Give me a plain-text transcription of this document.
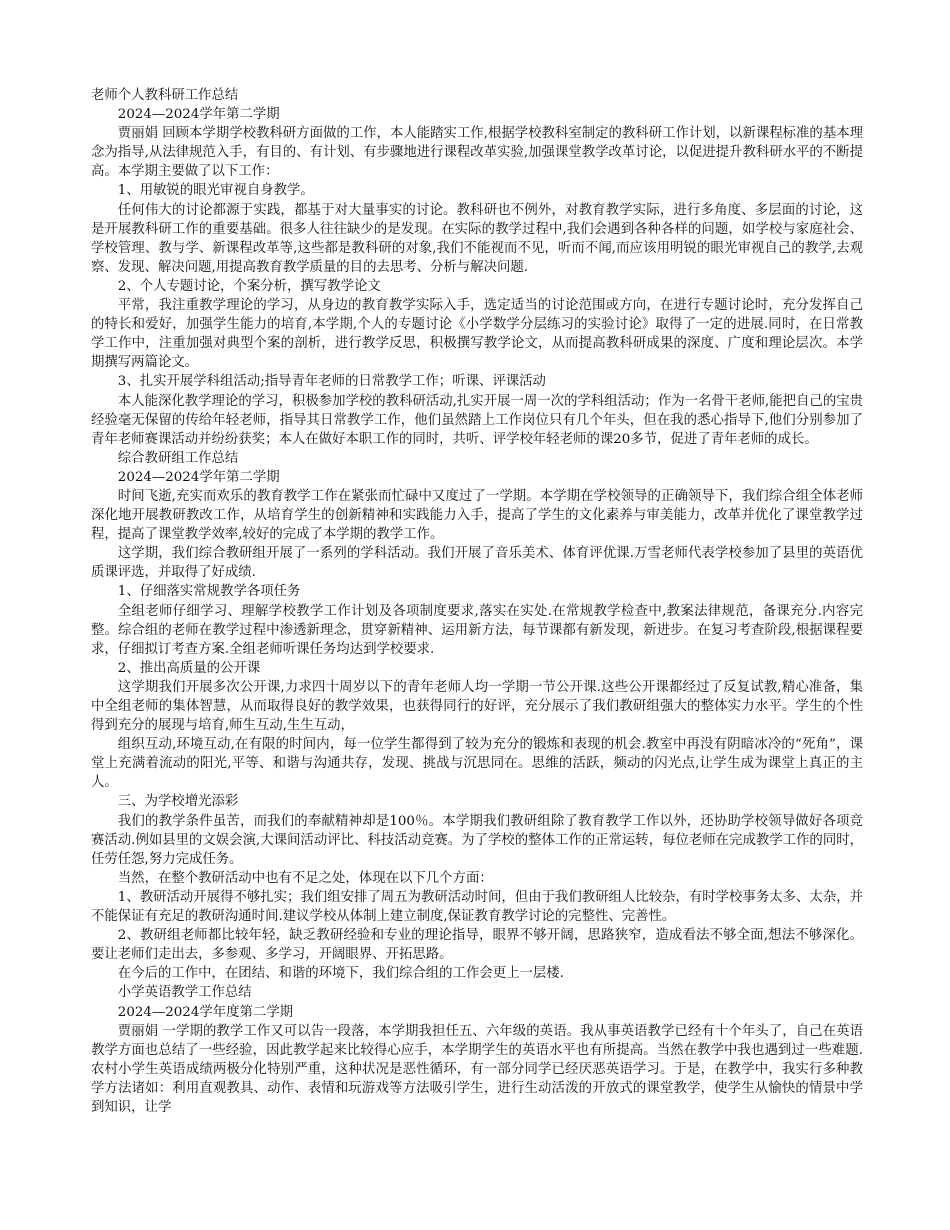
老师个人教科研工作总结

2024—2024学年第二学期

贾丽娟 回顾本学期学校教科研方面做的工作，本人能踏实工作,根据学校教科室制定的教科研工作计划，以新课程标准的基本理念为指导,从法律规范入手，有目的、有计划、有步骤地进行课程改革实验,加强课堂教学改革讨论，以促进提升教科研水平的不断提高。本学期主要做了以下工作：

1、用敏锐的眼光审视自身教学。

任何伟大的讨论都源于实践，都基于对大量事实的讨论。教科研也不例外，对教育教学实际，进行多角度、多层面的讨论，这是开展教科研工作的重要基础。很多人往往缺少的是发现。在实际的教学过程中,我们会遇到各种各样的问题，如学校与家庭社会、学校管理、教与学、新课程改革等,这些都是教科研的对象,我们不能视而不见，听而不闻,而应该用明锐的眼光审视自己的教学,去观察、发现、解决问题,用提高教育教学质量的目的去思考、分析与解决问题.

2、个人专题讨论，个案分析，撰写教学论文

平常，我注重教学理论的学习，从身边的教育教学实际入手，选定适当的讨论范围或方向，在进行专题讨论时，充分发挥自己的特长和爱好，加强学生能力的培育,本学期,个人的专题讨论《小学数学分层练习的实验讨论》取得了一定的进展.同时，在日常教学工作中，注重加强对典型个案的剖析，进行教学反思，积极撰写教学论文，从而提高教科研成果的深度、广度和理论层次。本学期撰写两篇论文。

3、扎实开展学科组活动;指导青年老师的日常教学工作；听课、评课活动

本人能深化教学理论的学习，积极参加学校的教科研活动,扎实开展一周一次的学科组活动；作为一名骨干老师,能把自己的宝贵经验毫无保留的传给年轻老师，指导其日常教学工作，他们虽然踏上工作岗位只有几个年头，但在我的悉心指导下,他们分别参加了青年老师赛课活动并纷纷获奖；本人在做好本职工作的同时，共听、评学校年轻老师的课20多节，促进了青年老师的成长。

综合教研组工作总结

2024—2024学年第二学期

时间飞逝,充实而欢乐的教育教学工作在紧张而忙碌中又度过了一学期。本学期在学校领导的正确领导下，我们综合组全体老师深化地开展教研教改工作，从培育学生的创新精神和实践能力入手，提高了学生的文化素养与审美能力，改革并优化了课堂教学过程，提高了课堂教学效率,较好的完成了本学期的教学工作。

这学期，我们综合教研组开展了一系列的学科活动。我们开展了音乐美术、体育评优课.万雪老师代表学校参加了县里的英语优质课评选，并取得了好成绩.

1、仔细落实常规教学各项任务

全组老师仔细学习、理解学校教学工作计划及各项制度要求,落实在实处.在常规教学检查中,教案法律规范，备课充分.内容完整。综合组的老师在教学过程中渗透新理念，贯穿新精神、运用新方法，每节课都有新发现，新进步。在复习考查阶段,根据课程要求，仔细拟订考查方案.全组老师听课任务均达到学校要求.

2、推出高质量的公开课

这学期我们开展多次公开课,力求四十周岁以下的青年老师人均一学期一节公开课.这些公开课都经过了反复试教,精心准备，集中全组老师的集体智慧，从而取得良好的教学效果，也获得同行的好评，充分展示了我们教研组强大的整体实力水平。学生的个性得到充分的展现与培育,师生互动,生生互动，

组织互动,环境互动,在有限的时间内，每一位学生都得到了较为充分的锻炼和表现的机会.教室中再没有阴暗冰冷的“死角”，课堂上充满着流动的阳光,平等、和谐与沟通共存，发现、挑战与沉思同在。思维的活跃，频动的闪光点,让学生成为课堂上真正的主人。

三、为学校增光添彩

我们的教学条件虽苦，而我们的奉献精神却是100％。本学期我们教研组除了教育教学工作以外，还协助学校领导做好各项竞赛活动.例如县里的文娱会演,大课间活动评比、科技活动竞赛。为了学校的整体工作的正常运转，每位老师在完成教学工作的同时，任劳任怨,努力完成任务。

当然，在整个教研活动中也有不足之处，体现在以下几个方面：

1、教研活动开展得不够扎实；我们组安排了周五为教研活动时间，但由于我们教研组人比较杂，有时学校事务太多、太杂，并不能保证有充足的教研沟通时间.建议学校从体制上建立制度,保证教育教学讨论的完整性、完善性。

2、教研组老师都比较年轻，缺乏教研经验和专业的理论指导，眼界不够开阔，思路狭窄，造成看法不够全面,想法不够深化。要让老师们走出去，多参观、多学习，开阔眼界、开拓思路。

在今后的工作中，在团结、和谐的环境下，我们综合组的工作会更上一层楼.

小学英语教学工作总结

2024—2024学年度第二学期

贾丽娟 一学期的教学工作又可以告一段落，本学期我担任五、六年级的英语。我从事英语教学已经有十个年头了，自己在英语教学方面也总结了一些经验，因此教学起来比较得心应手，本学期学生的英语水平也有所提高。当然在教学中我也遇到过一些难题.农村小学生英语成绩两极分化特别严重，这种状况是恶性循环，有一部分同学已经厌恶英语学习。于是，在教学中，我实行多种教学方法诸如：利用直观教具、动作、表情和玩游戏等方法吸引学生，进行生动活泼的开放式的课堂教学，使学生从愉快的情景中学到知识，让学
